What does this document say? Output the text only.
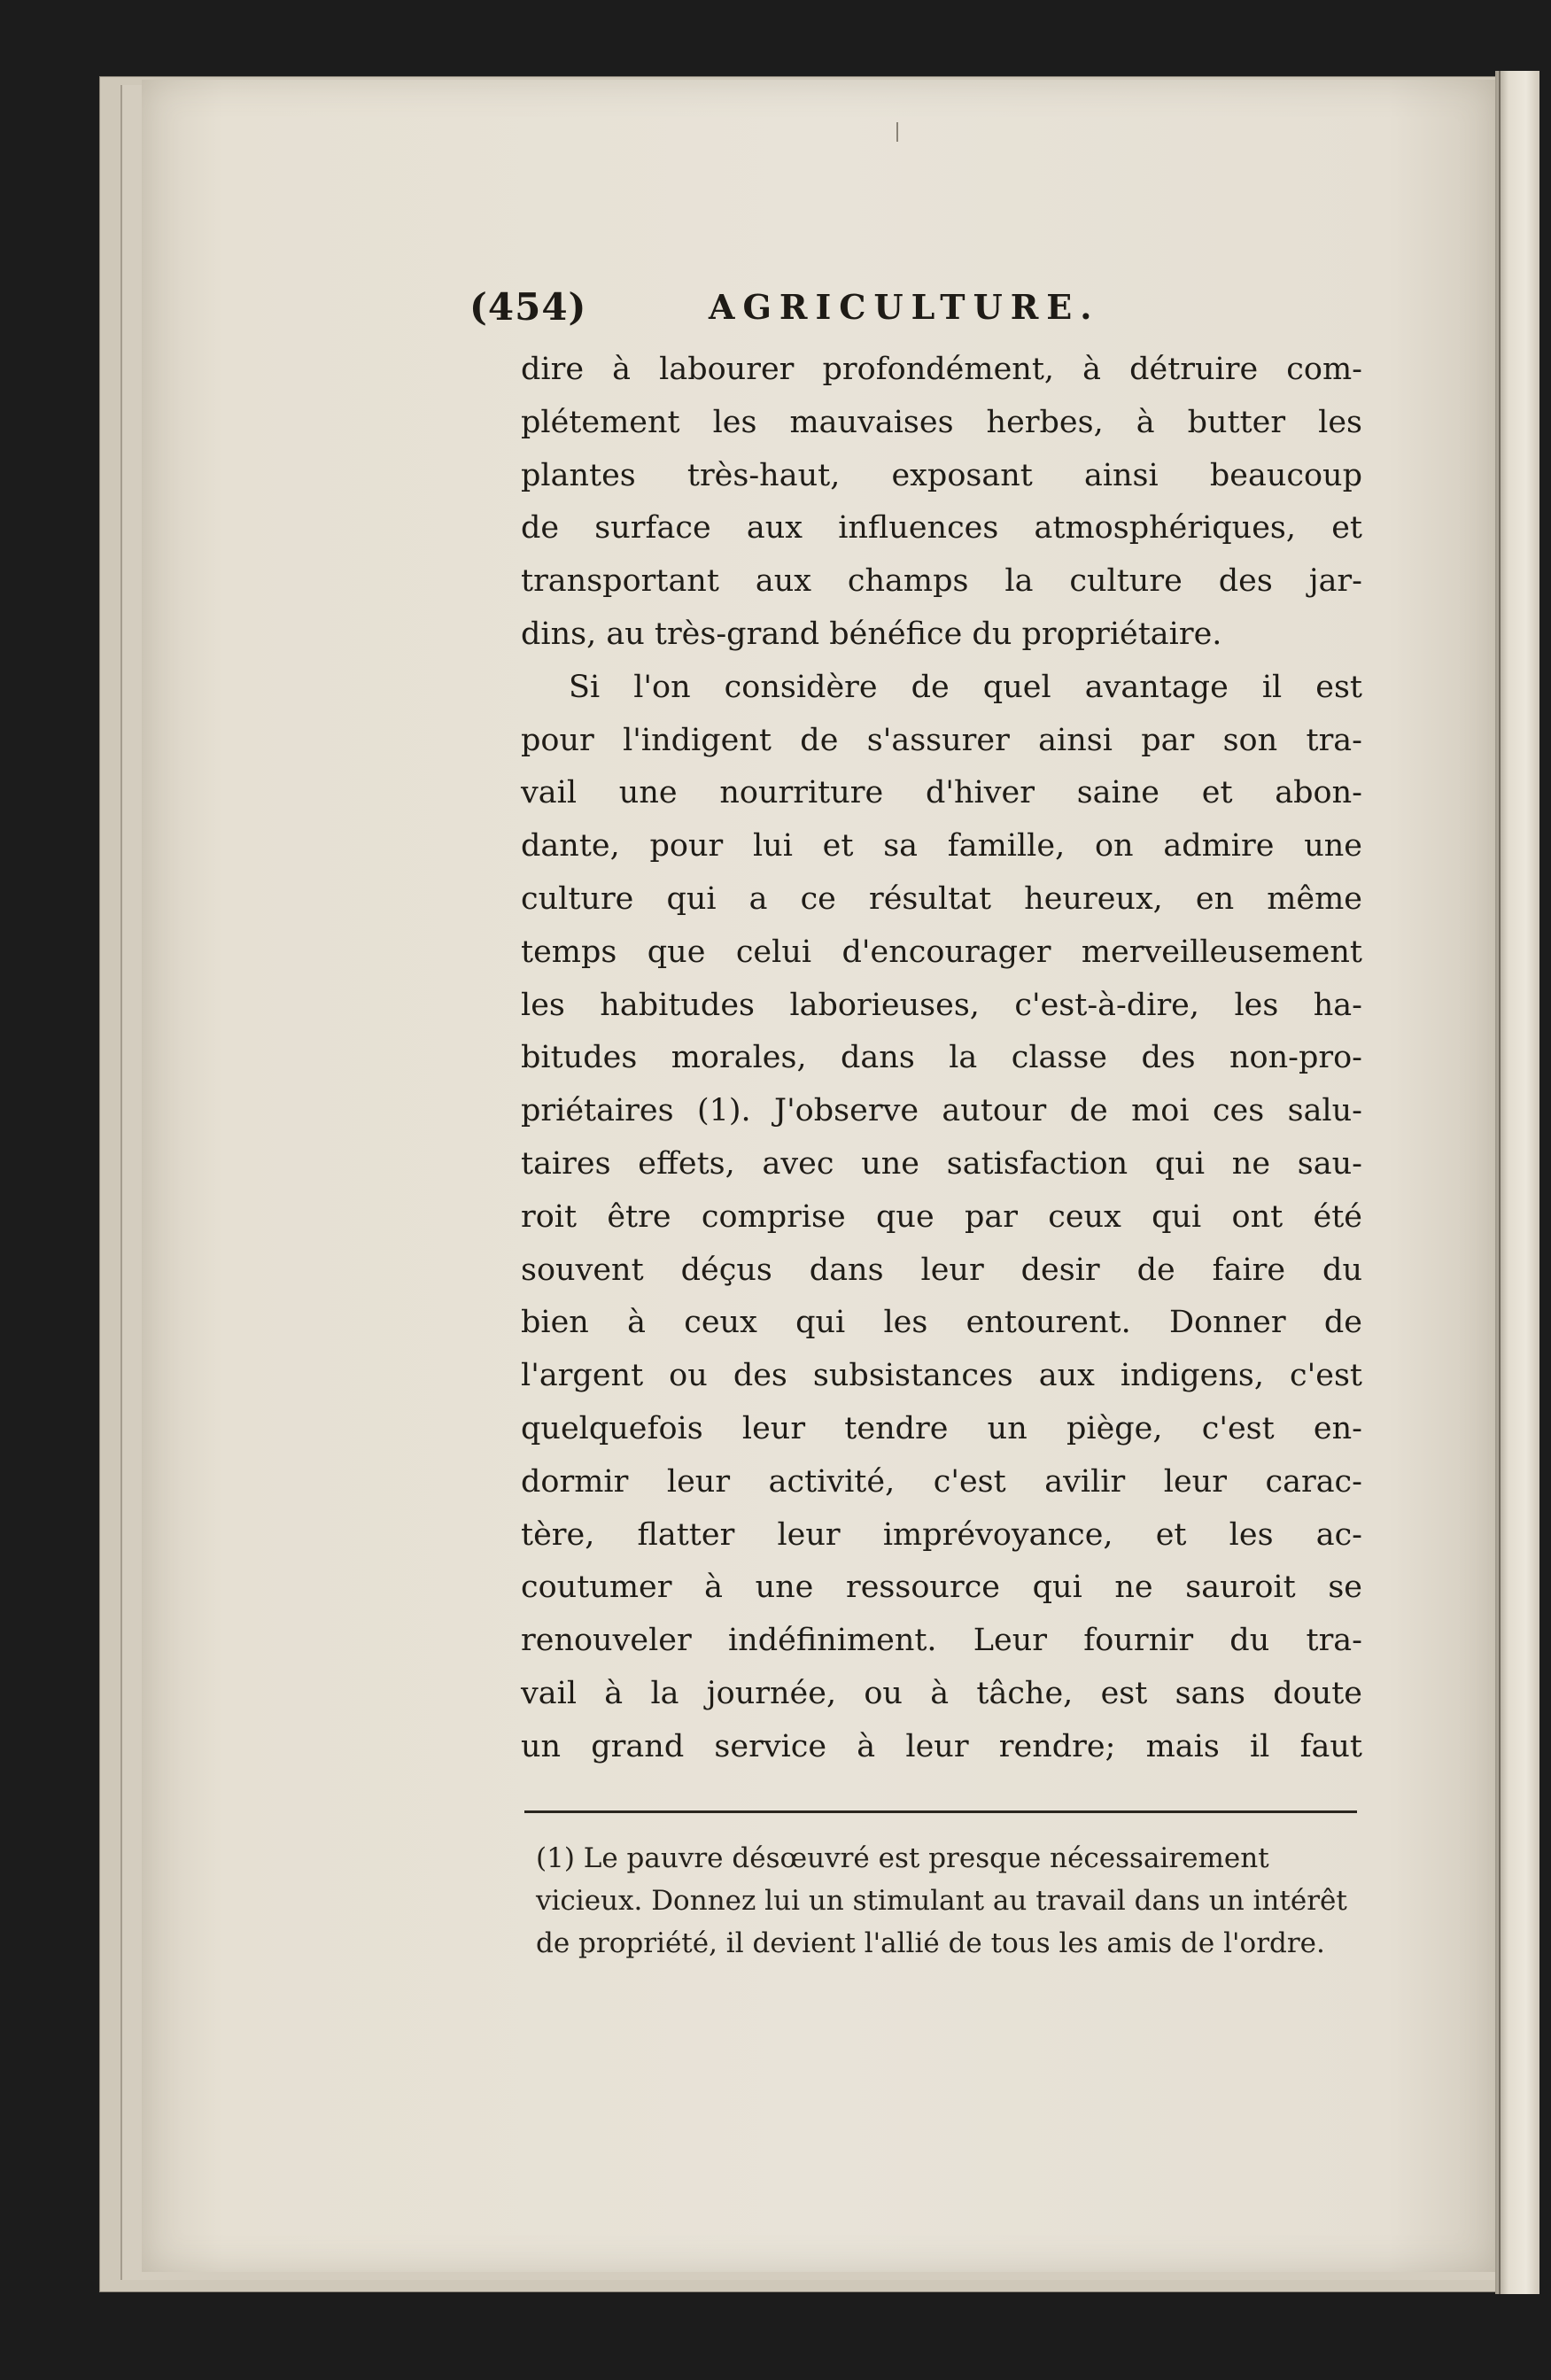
(454)	AGRICULTURE.
dire à labourer profondément, à détruire com-
plétement les mauvaises herbes, à butter les
plantes très-haut, exposant ainsi beaucoup
de surface aux influences atmosphériques, et
transportant aux champs la culture des jar-
dins, au très-grand bénéfice du propriétaire.
Si l'on considère de quel avantage il est
pour l'indigent de s'assurer ainsi par son tra-
vail une nourriture d'hiver saine et abon-
dante, pour lui et sa famille, on admire une
culture qui a ce résultat heureux, en même
temps que celui d'encourager merveilleusement
les habitudes laborieuses, c'est-à-dire, les ha-
bitudes morales, dans la classe des non-pro-
priétaires (1). J'observe autour de moi ces salu-
taires effets, avec une satisfaction qui ne sau-
roit être comprise que par ceux qui ont été
souvent déçus dans leur desir de faire du
bien à ceux qui les entourent. Donner de
l'argent ou des subsistances aux indigens, c'est
quelquefois leur tendre un piège, c'est en-
dormir leur activité, c'est avilir leur carac-
tère, flatter leur imprévoyance, et les ac-
coutumer à une ressource qui ne sauroit se
renouveler indéfiniment. Leur fournir du tra-
vail à la journée, ou à tâche, est sans doute
un grand service à leur rendre; mais il faut
(1) Le pauvre désœuvré est presque nécessairement
vicieux. Donnez lui un stimulant au travail dans un intérêt
de propriété, il devient l'allié de tous les amis de l'ordre.
